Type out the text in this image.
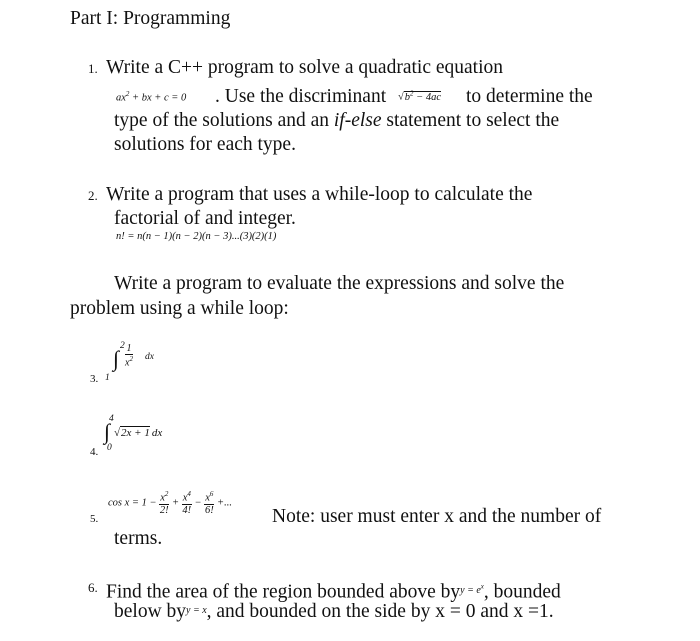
Part I: Programming
1. Write a C++ program to solve a quadratic equation
$ax^2$ + bx + c = 0 . Use the discriminant $√b^2 - 4ac$ to determine the
type of the solutions and an if-else statement to select the
solutions for each type.
2. Write a program that uses a while-loop to calculate the
factorial of and integer.
n! = n(n − 1)(n − 2)(n − 3)...(3)(2)(1)
Write a program to evaluate the expressions and solve the
problem using a while loop:
2
∫ $\frac{1}{x^2}$ dx
3. 1
4
∫ √2x + 1 dx
4. 0
5.
$\cos x = 1 - \frac{x^2}{2!} + \frac{x^4}{4!} - \frac{x^6}{6!}$ +...
Note: user must enter x and the number of
terms.
6. Find the area of the region bounded above $by^{y = e^x}$, bounded
below $by^{y = x}$, and bounded on the side by x = 0 and x =1.
